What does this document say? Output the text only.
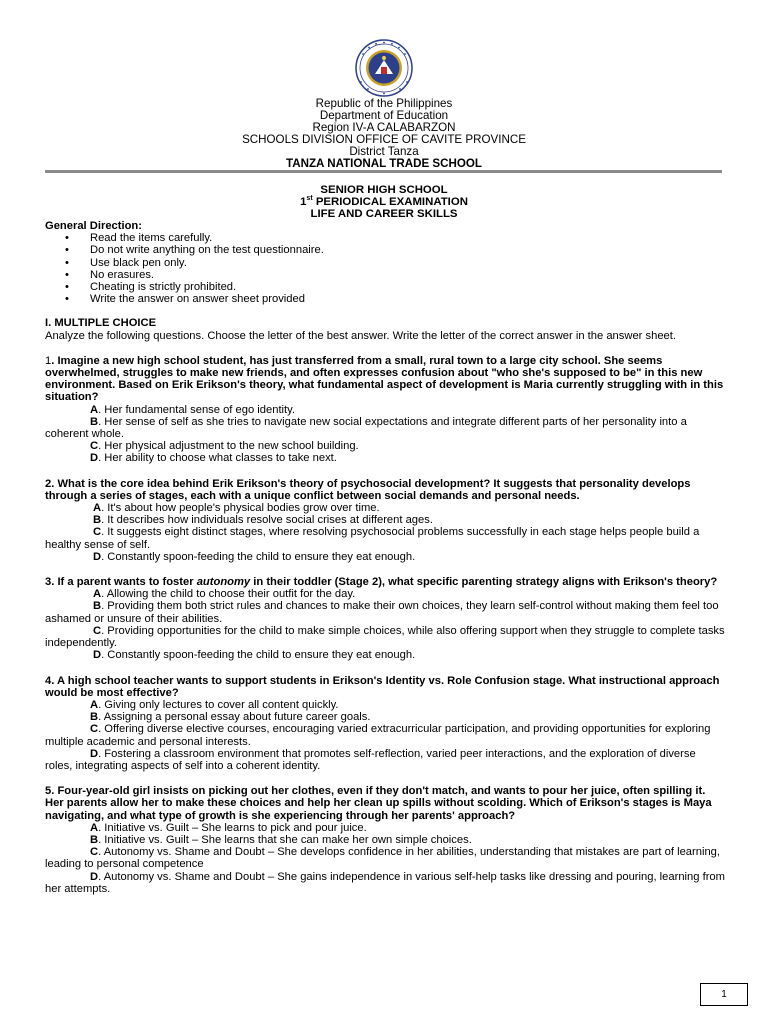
Republic of the Philippines
Department of Education
Region IV-A CALABARZON
SCHOOLS DIVISION OFFICE OF CAVITE PROVINCE
District Tanza
TANZA NATIONAL TRADE SCHOOL
SENIOR HIGH SCHOOL
1st PERIODICAL EXAMINATION
LIFE AND CAREER SKILLS

General Direction:

• Read the items carefully.
• Do not write anything on the test questionnaire.
• Use black pen only.
• No erasures.
• Cheating is strictly prohibited.
• Write the answer on answer sheet provided

I. MULTIPLE CHOICE

Analyze the following questions. Choose the letter of the best answer. Write the letter of the correct answer in the answer sheet.

1. Imagine a new high school student, has just transferred from a small, rural town to a large city school. She seems overwhelmed, struggles to make new friends, and often expresses confusion about "who she's supposed to be" in this new environment. Based on Erik Erikson's theory, what fundamental aspect of development is Maria currently struggling with in this situation?

A. Her fundamental sense of ego identity.

B. Her sense of self as she tries to navigate new social expectations and integrate different parts of her personality into a coherent whole.

C. Her physical adjustment to the new school building.

D. Her ability to choose what classes to take next.

2. What is the core idea behind Erik Erikson's theory of psychosocial development? It suggests that personality develops through a series of stages, each with a unique conflict between social demands and personal needs.

A. It's about how people's physical bodies grow over time.

B. It describes how individuals resolve social crises at different ages.

C. It suggests eight distinct stages, where resolving psychosocial problems successfully in each stage helps people build a healthy sense of self.

D. Constantly spoon-feeding the child to ensure they eat enough.

3. If a parent wants to foster autonomy in their toddler (Stage 2), what specific parenting strategy aligns with Erikson's theory?

A. Allowing the child to choose their outfit for the day.

B. Providing them both strict rules and chances to make their own choices, they learn self-control without making them feel too ashamed or unsure of their abilities.

C. Providing opportunities for the child to make simple choices, while also offering support when they struggle to complete tasks independently.

D. Constantly spoon-feeding the child to ensure they eat enough.

4. A high school teacher wants to support students in Erikson's Identity vs. Role Confusion stage. What instructional approach would be most effective?

A. Giving only lectures to cover all content quickly.

B. Assigning a personal essay about future career goals.

C. Offering diverse elective courses, encouraging varied extracurricular participation, and providing opportunities for exploring multiple academic and personal interests.

D. Fostering a classroom environment that promotes self-reflection, varied peer interactions, and the exploration of diverse roles, integrating aspects of self into a coherent identity.

5. Four-year-old girl insists on picking out her clothes, even if they don't match, and wants to pour her juice, often spilling it. Her parents allow her to make these choices and help her clean up spills without scolding. Which of Erikson's stages is Maya navigating, and what type of growth is she experiencing through her parents' approach?

A. Initiative vs. Guilt – She learns to pick and pour juice.

B. Initiative vs. Guilt – She learns that she can make her own simple choices.

C. Autonomy vs. Shame and Doubt – She develops confidence in her abilities, understanding that mistakes are part of learning, leading to personal competence

D. Autonomy vs. Shame and Doubt – She gains independence in various self-help tasks like dressing and pouring, learning from her attempts.

1
